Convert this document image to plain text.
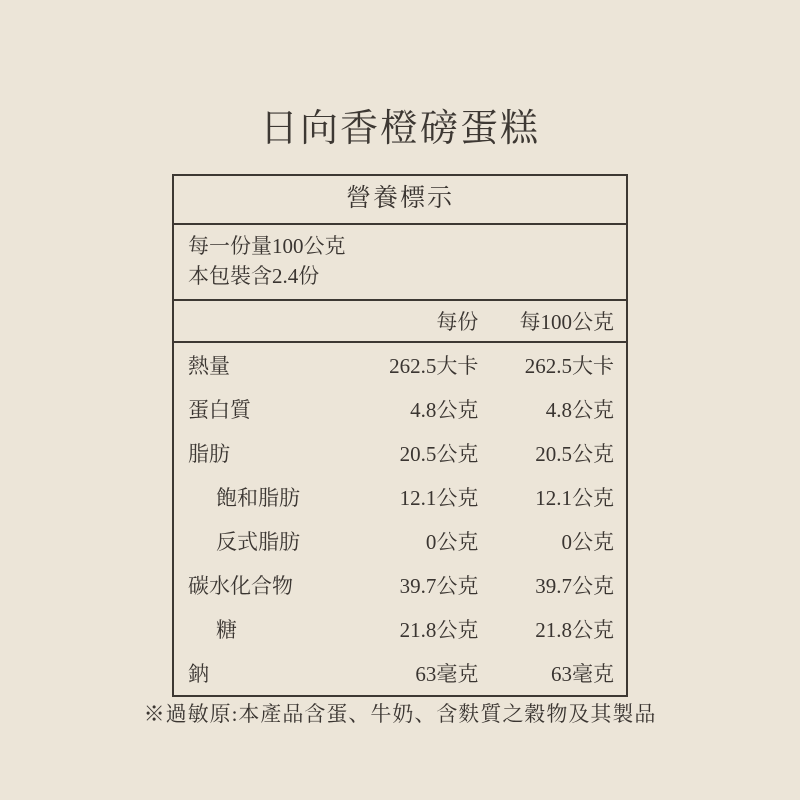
日向香橙磅蛋糕
營養標示
每一份量100公克
本包裝含2.4份
	每份	每100公克
熱量	262.5大卡	262.5大卡
蛋白質	4.8公克	4.8公克
脂肪	20.5公克	20.5公克
飽和脂肪	12.1公克	12.1公克
反式脂肪	0公克	0公克
碳水化合物	39.7公克	39.7公克
糖	21.8公克	21.8公克
鈉	63毫克	63毫克
※過敏原:本產品含蛋、牛奶、含麩質之穀物及其製品
